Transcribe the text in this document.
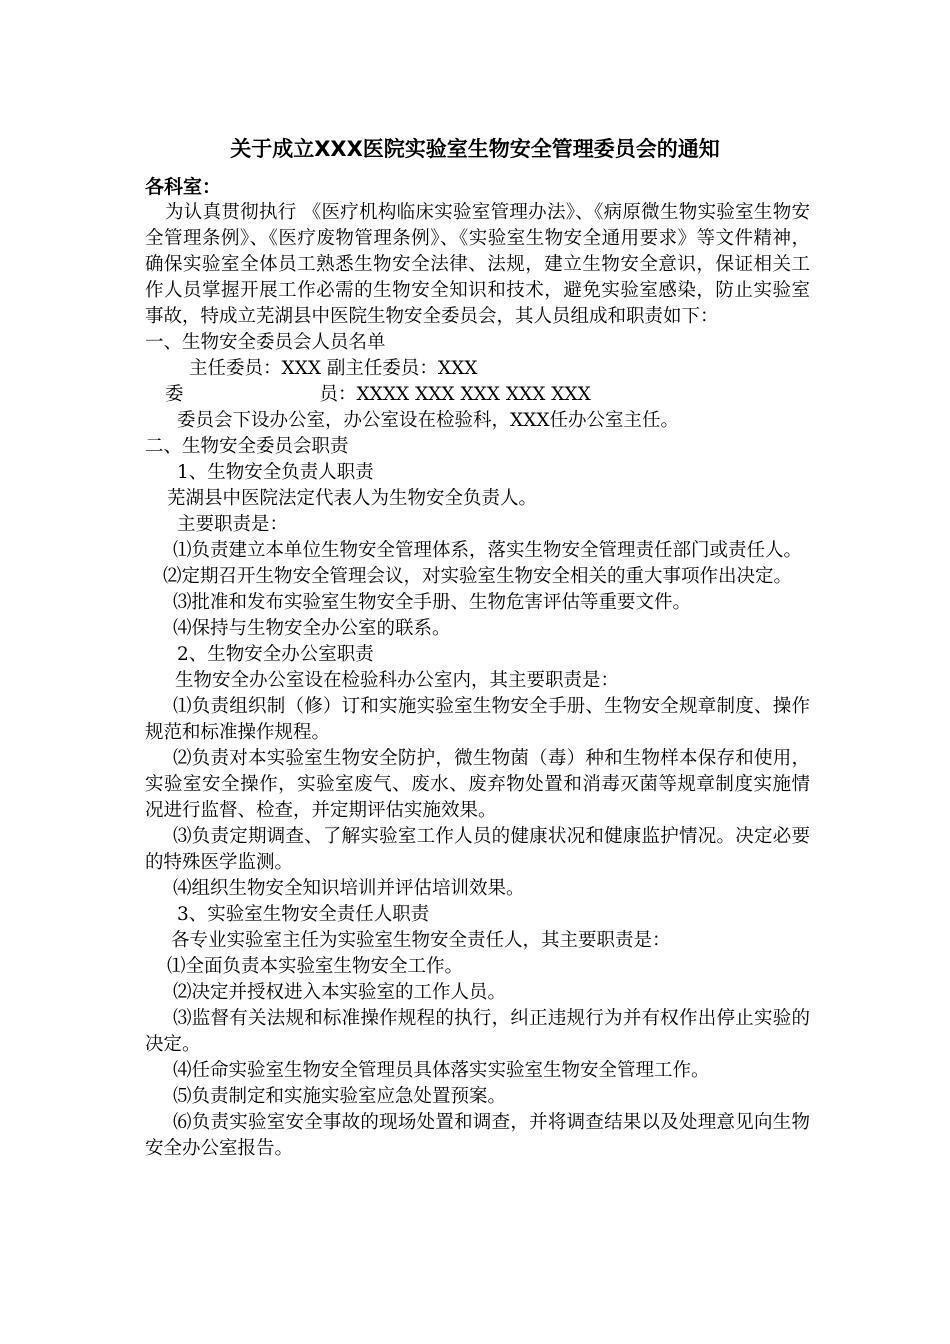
关于成立XXX医院实验室生物安全管理委员会的通知
各科室：

为认真贯彻执行 《医疗机构临床实验室管理办法》、《病原微生物实验室生物安全管理条例》、《医疗废物管理条例》、《实验室生物安全通用要求》等文件精神，确保实验室全体员工熟悉生物安全法律、法规，建立生物安全意识，保证相关工作人员掌握开展工作必需的生物安全知识和技术，避免实验室感染，防止实验室事故，特成立芜湖县中医院生物安全委员会，其人员组成和职责如下：

一、生物安全委员会人员名单

主任委员：XXX 副主任委员：XXX

委	员：XXXX XXX XXX XXX XXX

委员会下设办公室，办公室设在检验科，XXX任办公室主任。

二、生物安全委员会职责

1、生物安全负责人职责

芜湖县中医院法定代表人为生物安全负责人。

主要职责是：

⑴负责建立本单位生物安全管理体系，落实生物安全管理责任部门或责任人。

⑵定期召开生物安全管理会议，对实验室生物安全相关的重大事项作出决定。

⑶批准和发布实验室生物安全手册、生物危害评估等重要文件。

⑷保持与生物安全办公室的联系。

2、生物安全办公室职责

生物安全办公室设在检验科办公室内，其主要职责是：

⑴负责组织制（修）订和实施实验室生物安全手册、生物安全规章制度、操作规范和标准操作规程。

⑵负责对本实验室生物安全防护，微生物菌（毒）种和生物样本保存和使用，实验室安全操作，实验室废气、废水、废弃物处置和消毒灭菌等规章制度实施情况进行监督、检查，并定期评估实施效果。

⑶负责定期调查、了解实验室工作人员的健康状况和健康监护情况。决定必要的特殊医学监测。

⑷组织生物安全知识培训并评估培训效果。

3、实验室生物安全责任人职责

各专业实验室主任为实验室生物安全责任人，其主要职责是：

⑴全面负责本实验室生物安全工作。

⑵决定并授权进入本实验室的工作人员。

⑶监督有关法规和标准操作规程的执行，纠正违规行为并有权作出停止实验的决定。

⑷任命实验室生物安全管理员具体落实实验室生物安全管理工作。

⑸负责制定和实施实验室应急处置预案。

⑹负责实验室安全事故的现场处置和调查，并将调查结果以及处理意见向生物安全办公室报告。
